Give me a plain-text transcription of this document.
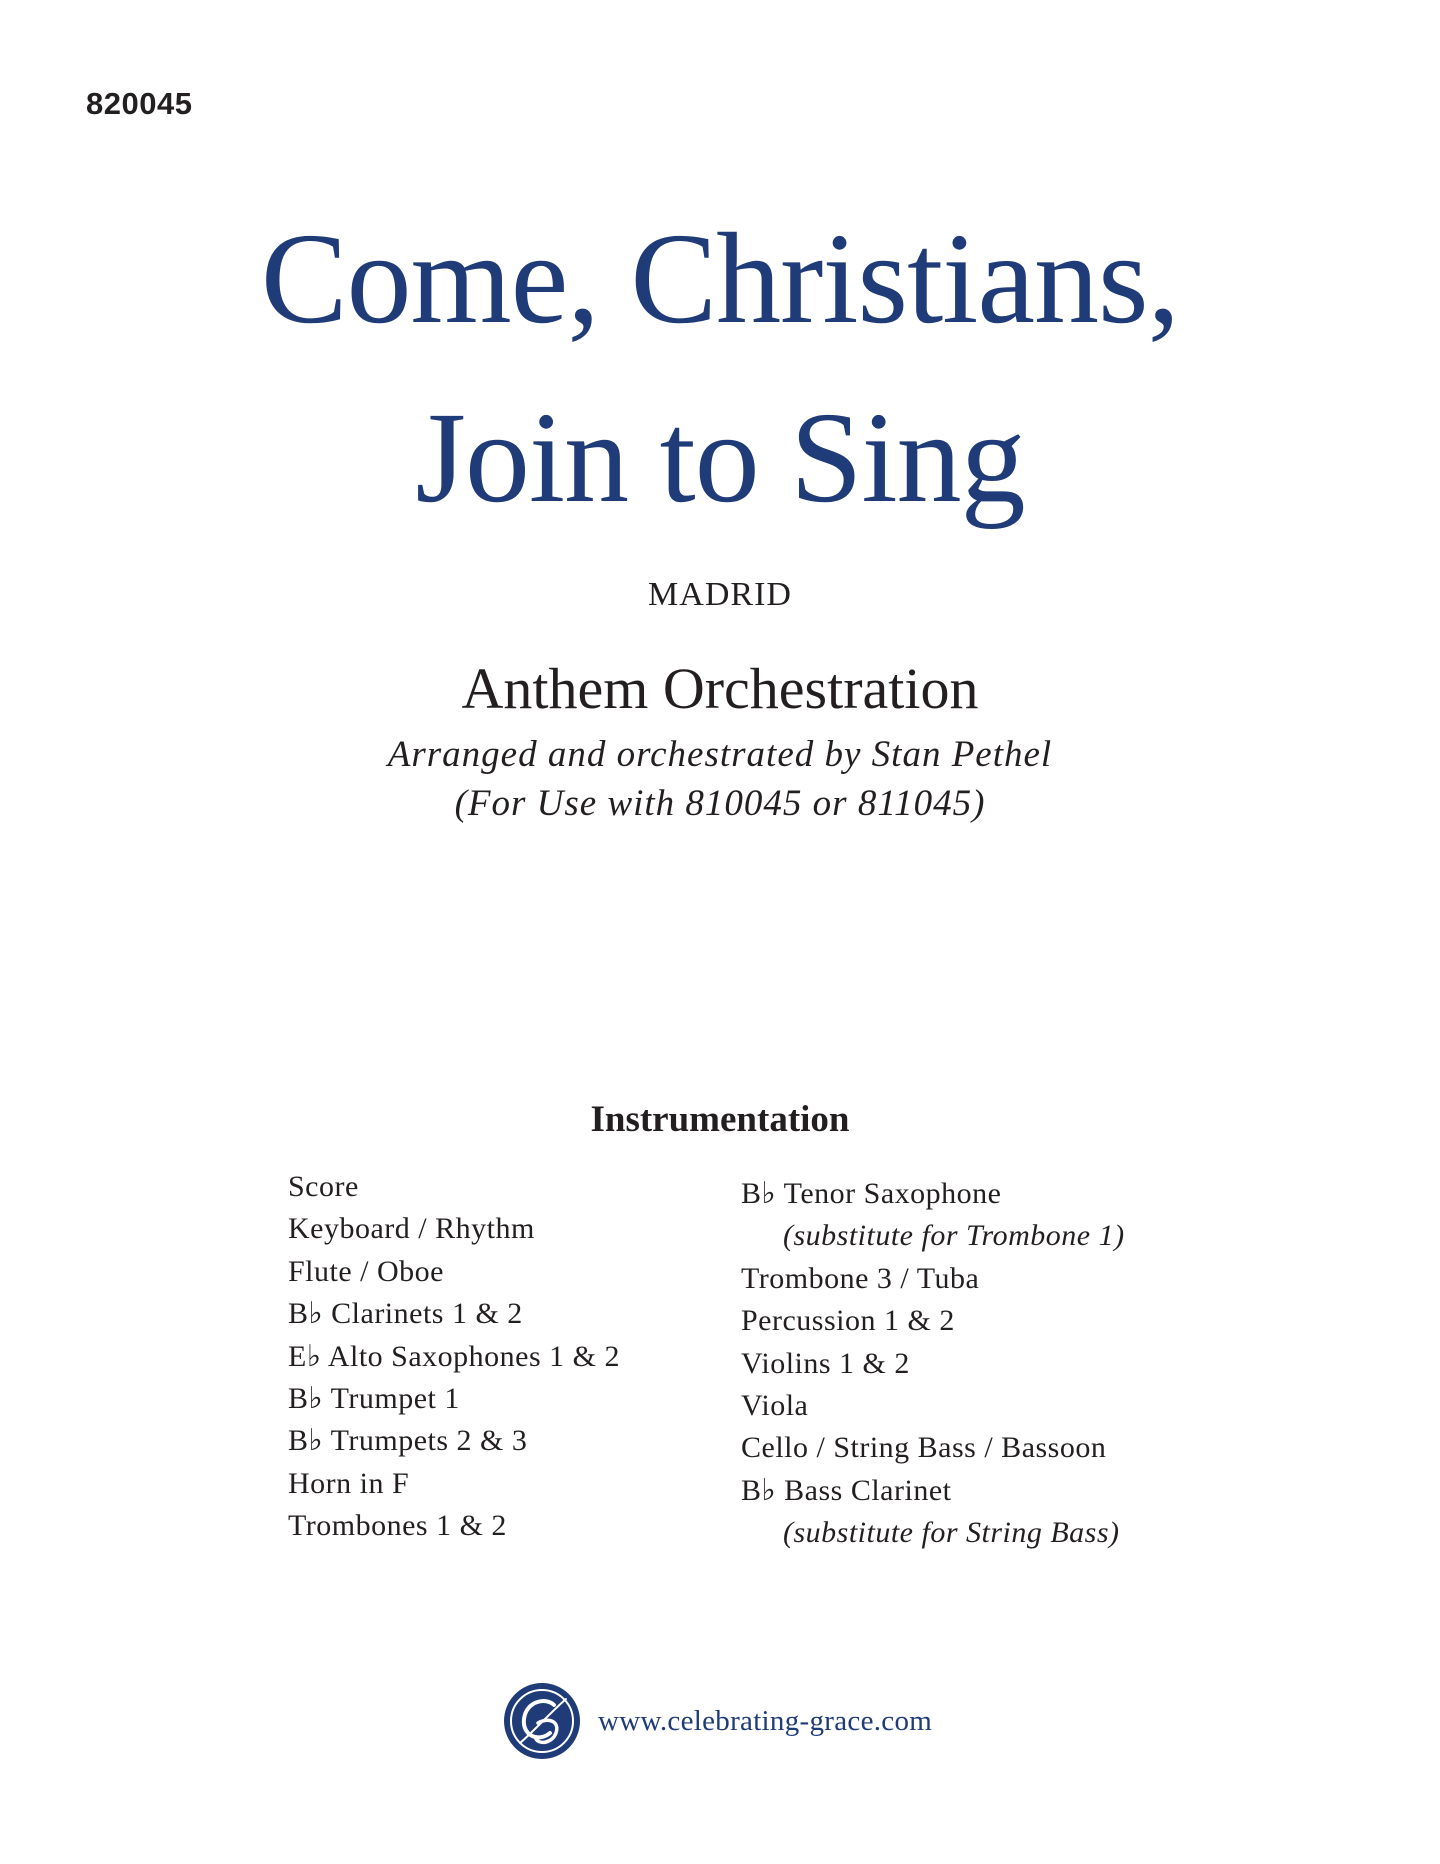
820045
Come, Christians,
Join to Sing
MADRID
Anthem Orchestration
Arranged and orchestrated by Stan Pethel
(For Use with 810045 or 811045)
Instrumentation
Score
Keyboard / Rhythm
Flute / Oboe
B♭ Clarinets 1 & 2
E♭ Alto Saxophones 1 & 2
B♭ Trumpet 1
B♭ Trumpets 2 & 3
Horn in F
Trombones 1 & 2
B♭ Tenor Saxophone
(substitute for Trombone 1)
Trombone 3 / Tuba
Percussion 1 & 2
Violins 1 & 2
Viola
Cello / String Bass / Bassoon
B♭ Bass Clarinet
(substitute for String Bass)
www.celebrating-grace.com
